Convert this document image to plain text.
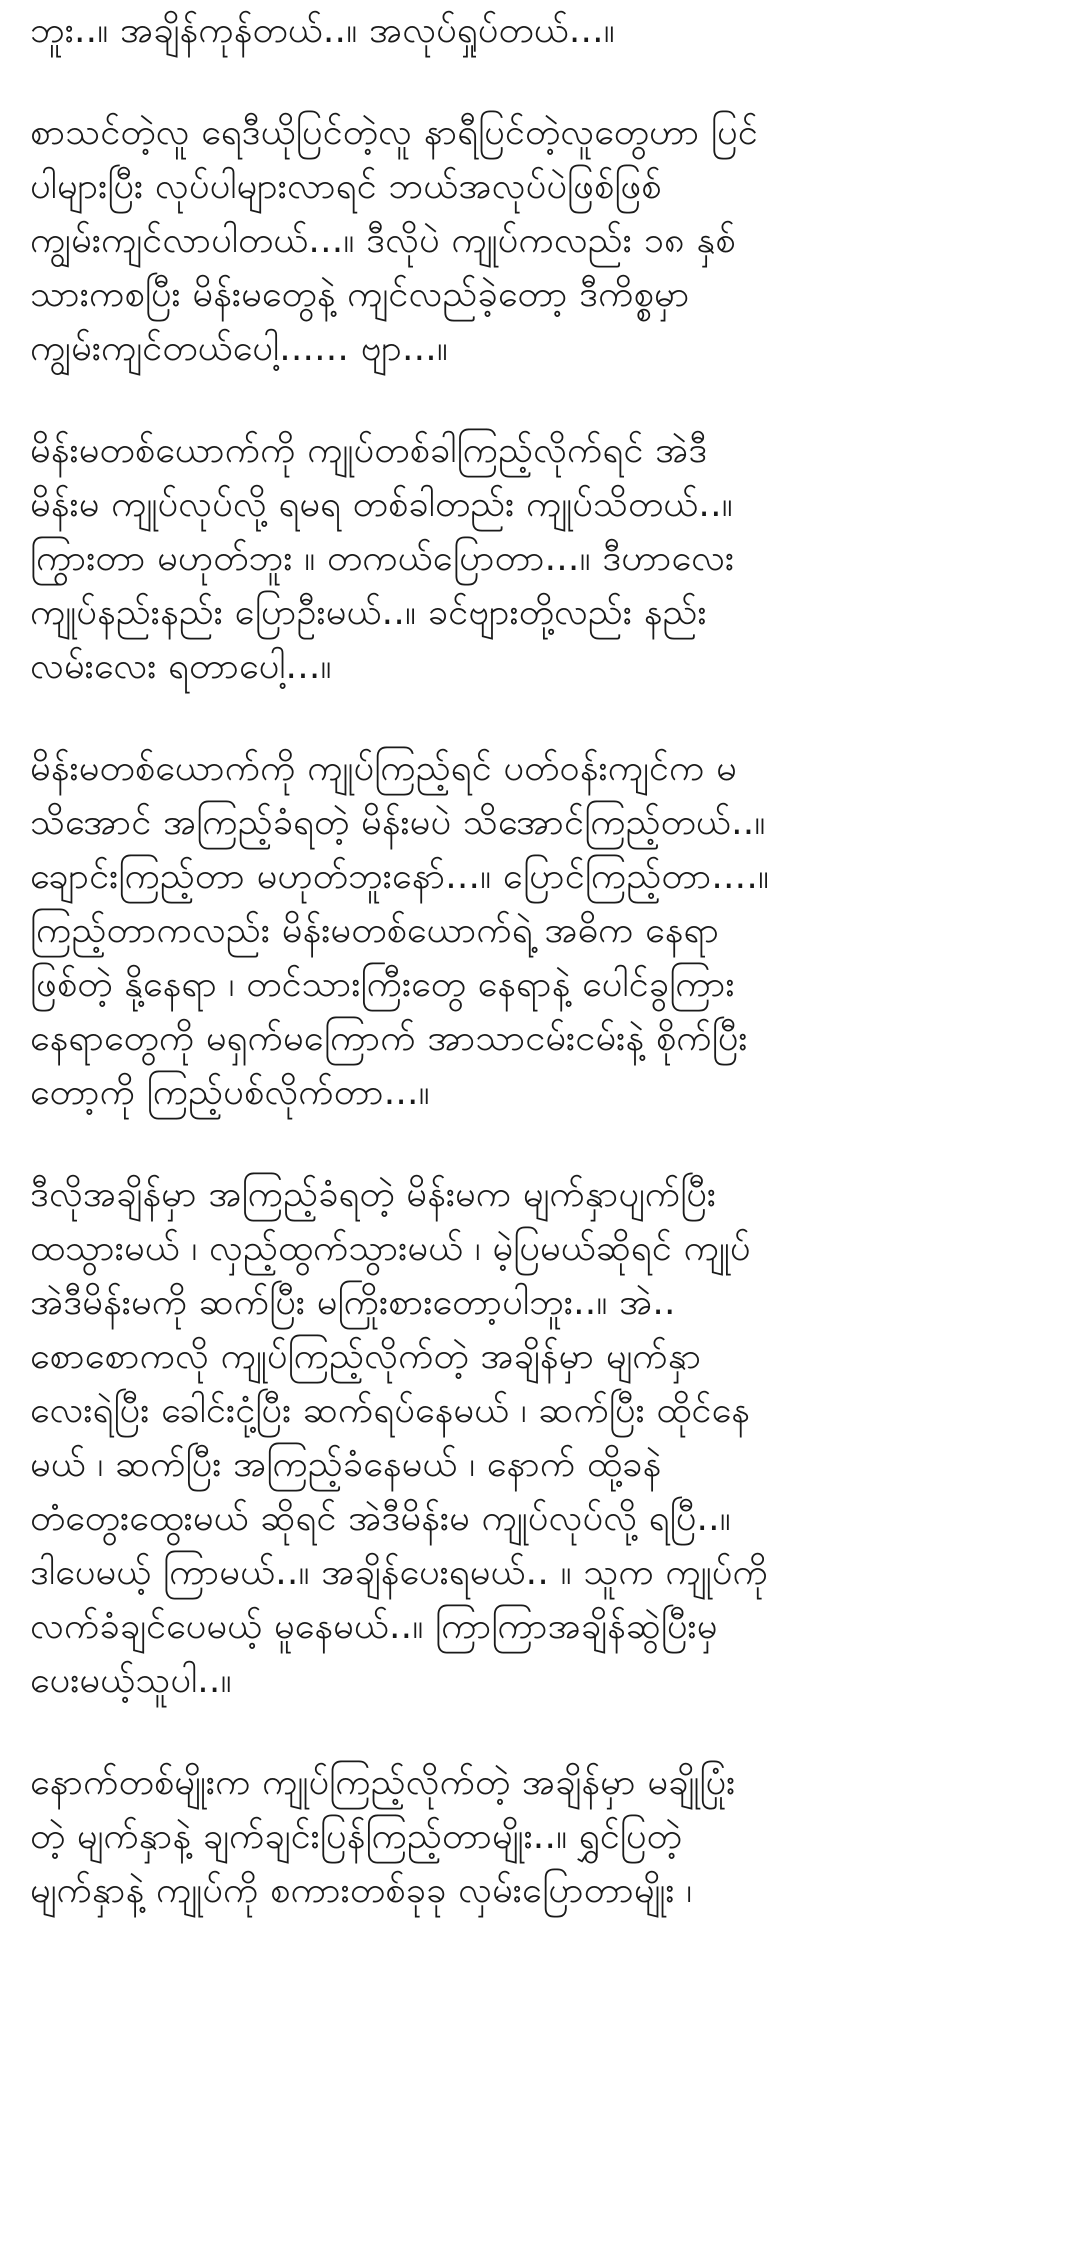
ဘူး..။ အချိန်ကုန်တယ်..။ အလုပ်ရှုပ်တယ်...။

စာသင်တဲ့လူ ရေဒီယိုပြင်တဲ့လူ နာရီပြင်တဲ့လူတွေဟာ ပြင်
ပါများပြီး လုပ်ပါများလာရင် ဘယ်အလုပ်ပဲဖြစ်ဖြစ်
ကျွမ်းကျင်လာပါတယ်...။ ဒီလိုပဲ ကျုပ်ကလည်း ၁၈ နှစ်
သားကစပြီး မိန်းမတွေနဲ့ ကျင်လည်ခဲ့တော့ ဒီကိစ္စမှာ
ကျွမ်းကျင်တယ်ပေါ့...... ဗျာ...။

မိန်းမတစ်ယောက်ကို ကျုပ်တစ်ခါကြည့်လိုက်ရင် အဲဒီ
မိန်းမ ကျုပ်လုပ်လို့ ရမရ တစ်ခါတည်း ကျုပ်သိတယ်..။
ကြွားတာ မဟုတ်ဘူး ။ တကယ်ပြောတာ...။ ဒီဟာလေး
ကျုပ်နည်းနည်း ပြောဦးမယ်..။ ခင်ဗျားတို့လည်း နည်း
လမ်းလေး ရတာပေါ့...။

မိန်းမတစ်ယောက်ကို ကျုပ်ကြည့်ရင် ပတ်ဝန်းကျင်က မ
သိအောင် အကြည့်ခံရတဲ့ မိန်းမပဲ သိအောင်ကြည့်တယ်..။
ချောင်းကြည့်တာ မဟုတ်ဘူးနော်...။ ပြောင်ကြည့်တာ....။
ကြည့်တာကလည်း မိန်းမတစ်ယောက်ရဲ့ အဓိက နေရာ
ဖြစ်တဲ့ နို့နေရာ ၊ တင်သားကြီးတွေ နေရာနဲ့ ပေါင်ခွကြား
နေရာတွေကို မရှက်မကြောက် အာသာငမ်းငမ်းနဲ့ စိုက်ပြီး
တော့ကို ကြည့်ပစ်လိုက်တာ...။

ဒီလိုအချိန်မှာ အကြည့်ခံရတဲ့ မိန်းမက မျက်နှာပျက်ပြီး
ထသွားမယ် ၊ လှည့်ထွက်သွားမယ် ၊ မဲ့ပြမယ်ဆိုရင် ကျုပ်
အဲဒီမိန်းမကို ဆက်ပြီး မကြိုးစားတော့ပါဘူး..။ အဲ..
စောစောကလို ကျုပ်ကြည့်လိုက်တဲ့ အချိန်မှာ မျက်နှာ
လေးရဲပြီး ခေါင်းငုံ့ပြီး ဆက်ရပ်နေမယ် ၊ ဆက်ပြီး ထိုင်နေ
မယ် ၊ ဆက်ပြီး အကြည့်ခံနေမယ် ၊ နောက် ထို့ခနဲ
တံတွေးထွေးမယ် ဆိုရင် အဲဒီမိန်းမ ကျုပ်လုပ်လို့ ရပြီ..။
ဒါပေမယ့် ကြာမယ်..။ အချိန်ပေးရမယ်.. ။ သူက ကျုပ်ကို
လက်ခံချင်ပေမယ့် မူနေမယ်..။ ကြာကြာအချိန်ဆွဲပြီးမှ
ပေးမယ့်သူပါ..။

နောက်တစ်မျိုးက ကျုပ်ကြည့်လိုက်တဲ့ အချိန်မှာ မချိုပြုံး
တဲ့ မျက်နှာနဲ့ ချက်ချင်းပြန်ကြည့်တာမျိုး..။ ရွှင်ပြတဲ့
မျက်နှာနဲ့ ကျုပ်ကို စကားတစ်ခုခု လှမ်းပြောတာမျိုး ၊
